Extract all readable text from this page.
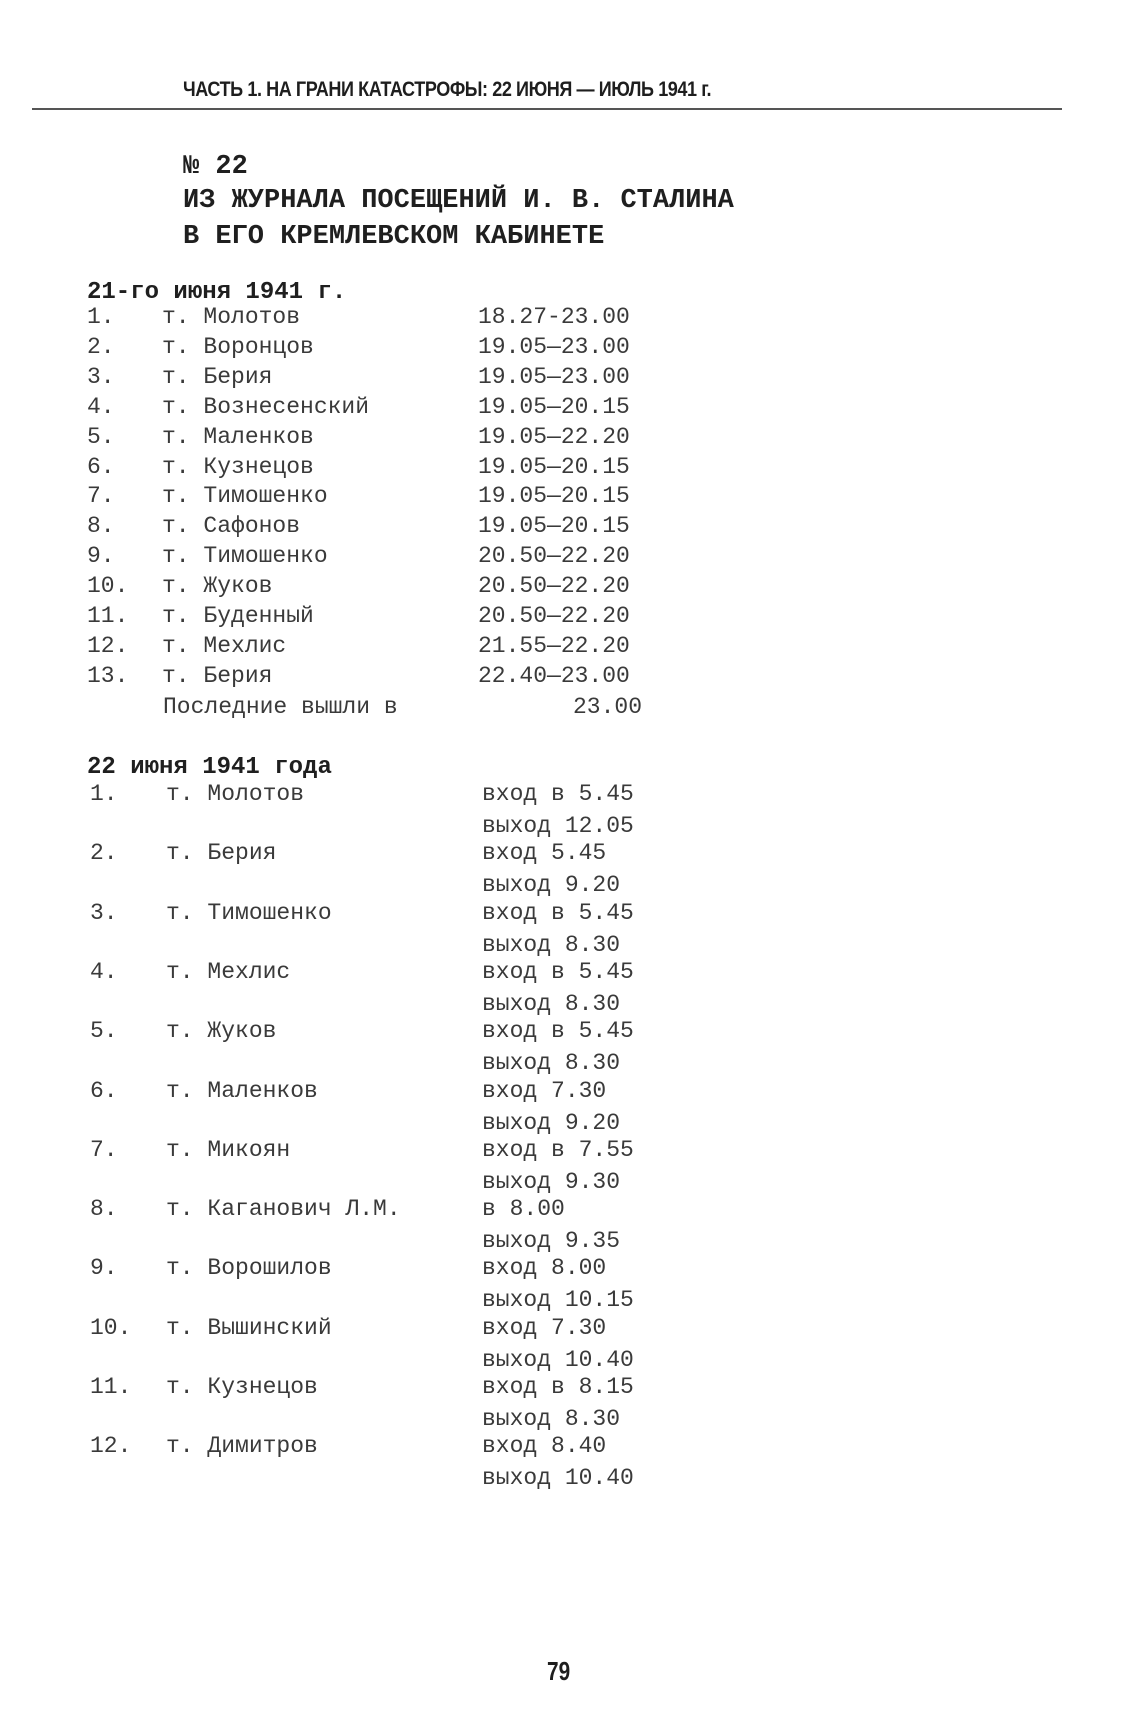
ЧАСТЬ 1. НА ГРАНИ КАТАСТРОФЫ: 22 ИЮНЯ — ИЮЛЬ 1941 г.
№ 22
ИЗ ЖУРНАЛА ПОСЕЩЕНИЙ И. В. СТАЛИНА
В ЕГО КРЕМЛЕВСКОМ КАБИНЕТЕ
21-го июня 1941 г.
1. т. Молотов	18.27-23.00
2. т. Воронцов	19.05—23.00
3. т. Берия	19.05—23.00
4. т. Вознесенский	19.05—20.15
5. т. Маленков	19.05—22.20
6. т. Кузнецов	19.05—20.15
7. т. Тимошенко	19.05—20.15
8. т. Сафонов	19.05—20.15
9. т. Тимошенко	20.50—22.20
10. т. Жуков	20.50—22.20
11. т. Буденный	20.50—22.20
12. т. Мехлис	21.55—22.20
13. т. Берия	22.40—23.00
Последние вышли в	23.00
22 июня 1941 года
1. т. Молотов	вход в 5.45
выход 12.05
2. т. Берия	вход 5.45
выход 9.20
3. т. Тимошенко	вход в 5.45
выход 8.30
4. т. Мехлис	вход в 5.45
выход 8.30
5. т. Жуков	вход в 5.45
выход 8.30
6. т. Маленков	вход 7.30
выход 9.20
7. т. Микоян	вход в 7.55
выход 9.30
8. т. Каганович Л.М.	в 8.00
выход 9.35
9. т. Ворошилов	вход 8.00
выход 10.15
10. т. Вышинский	вход 7.30
выход 10.40
11. т. Кузнецов	вход в 8.15
выход 8.30
12. т. Димитров	вход 8.40
выход 10.40
79
